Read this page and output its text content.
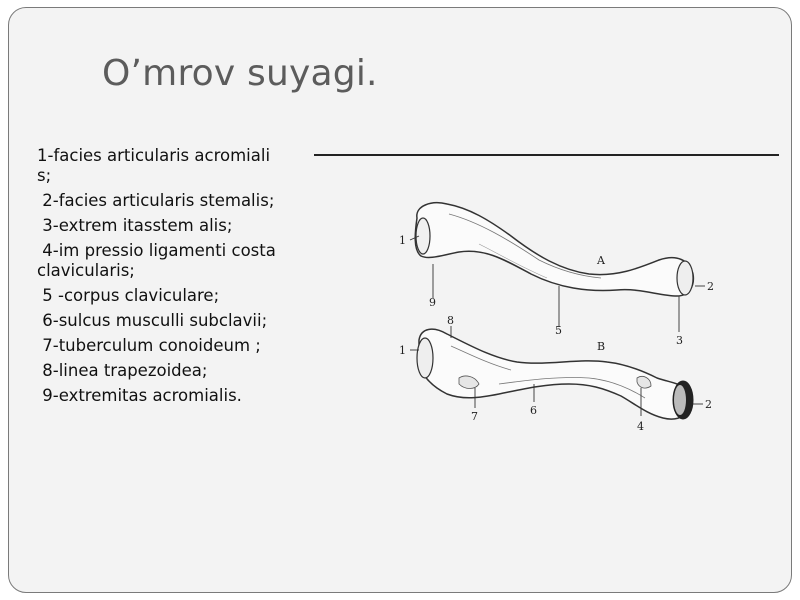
O’mrov suyagi.
1-facies articularis acromialis;
2-facies articularis stemalis;
3-extrem itasstem alis;
4-im pressio ligamenti costaclavicularis;
5 -corpus claviculare;
6-sulcus musculli subclavii;
7-tuberculum conoideum ;
8-linea trapezoidea;
9-extremitas acromialis.
A
B
1
2
9
5
3
1
8
2
7	6
4
